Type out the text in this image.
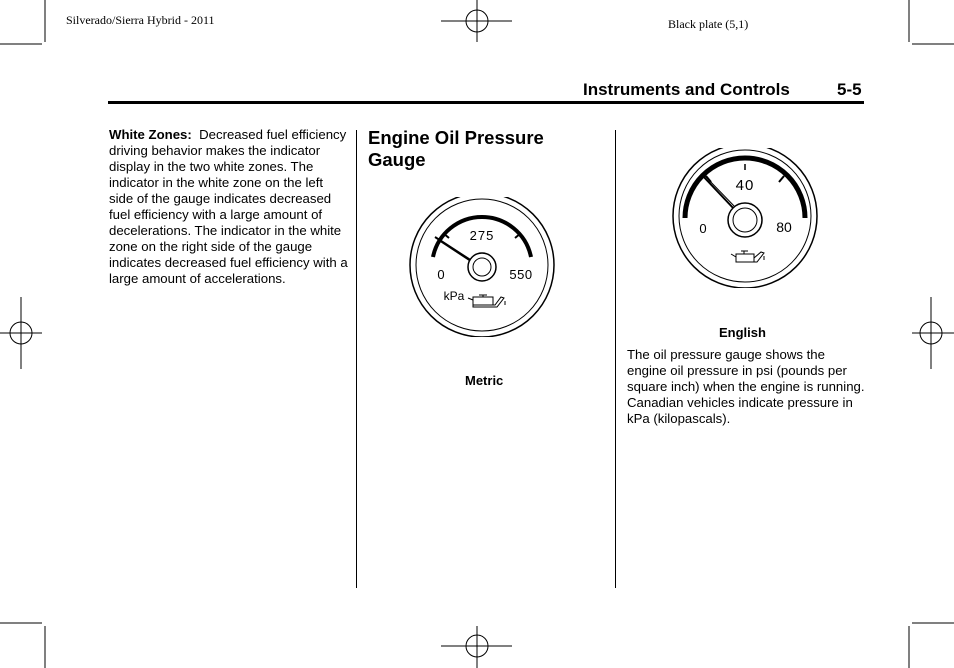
Silverado/Sierra Hybrid - 2011	Black plate (5,1)
Instruments and Controls	5-5
White Zones: Decreased fuel efficiency driving behavior makes the indicator display in the two white zones. The indicator in the white zone on the left side of the gauge indicates decreased fuel efficiency with a large amount of decelerations. The indicator in the white zone on the right side of the gauge indicates decreased fuel efficiency with a large amount of accelerations.
Engine Oil Pressure Gauge
275
0	550
kPa
Metric
40
0	80
English
The oil pressure gauge shows the engine oil pressure in psi (pounds per square inch) when the engine is running. Canadian vehicles indicate pressure in kPa (kilopascals).
